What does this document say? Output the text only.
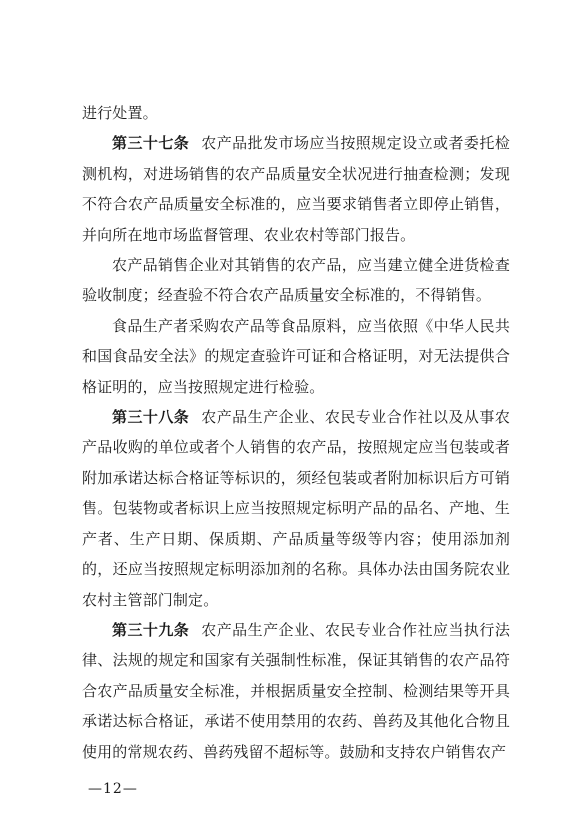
进行处置。

第三十七条 农产品批发市场应当按照规定设立或者委托检测机构，对进场销售的农产品质量安全状况进行抽查检测；发现不符合农产品质量安全标准的，应当要求销售者立即停止销售，并向所在地市场监督管理、农业农村等部门报告。

农产品销售企业对其销售的农产品，应当建立健全进货检查验收制度；经查验不符合农产品质量安全标准的，不得销售。

食品生产者采购农产品等食品原料，应当依照《中华人民共和国食品安全法》的规定查验许可证和合格证明，对无法提供合格证明的，应当按照规定进行检验。

第三十八条 农产品生产企业、农民专业合作社以及从事农产品收购的单位或者个人销售的农产品，按照规定应当包装或者附加承诺达标合格证等标识的，须经包装或者附加标识后方可销售。包装物或者标识上应当按照规定标明产品的品名、产地、生产者、生产日期、保质期、产品质量等级等内容；使用添加剂的，还应当按照规定标明添加剂的名称。具体办法由国务院农业农村主管部门制定。

第三十九条 农产品生产企业、农民专业合作社应当执行法律、法规的规定和国家有关强制性标准，保证其销售的农产品符合农产品质量安全标准，并根据质量安全控制、检测结果等开具承诺达标合格证，承诺不使用禁用的农药、兽药及其他化合物且使用的常规农药、兽药残留不超标等。鼓励和支持农户销售农产

—12—
